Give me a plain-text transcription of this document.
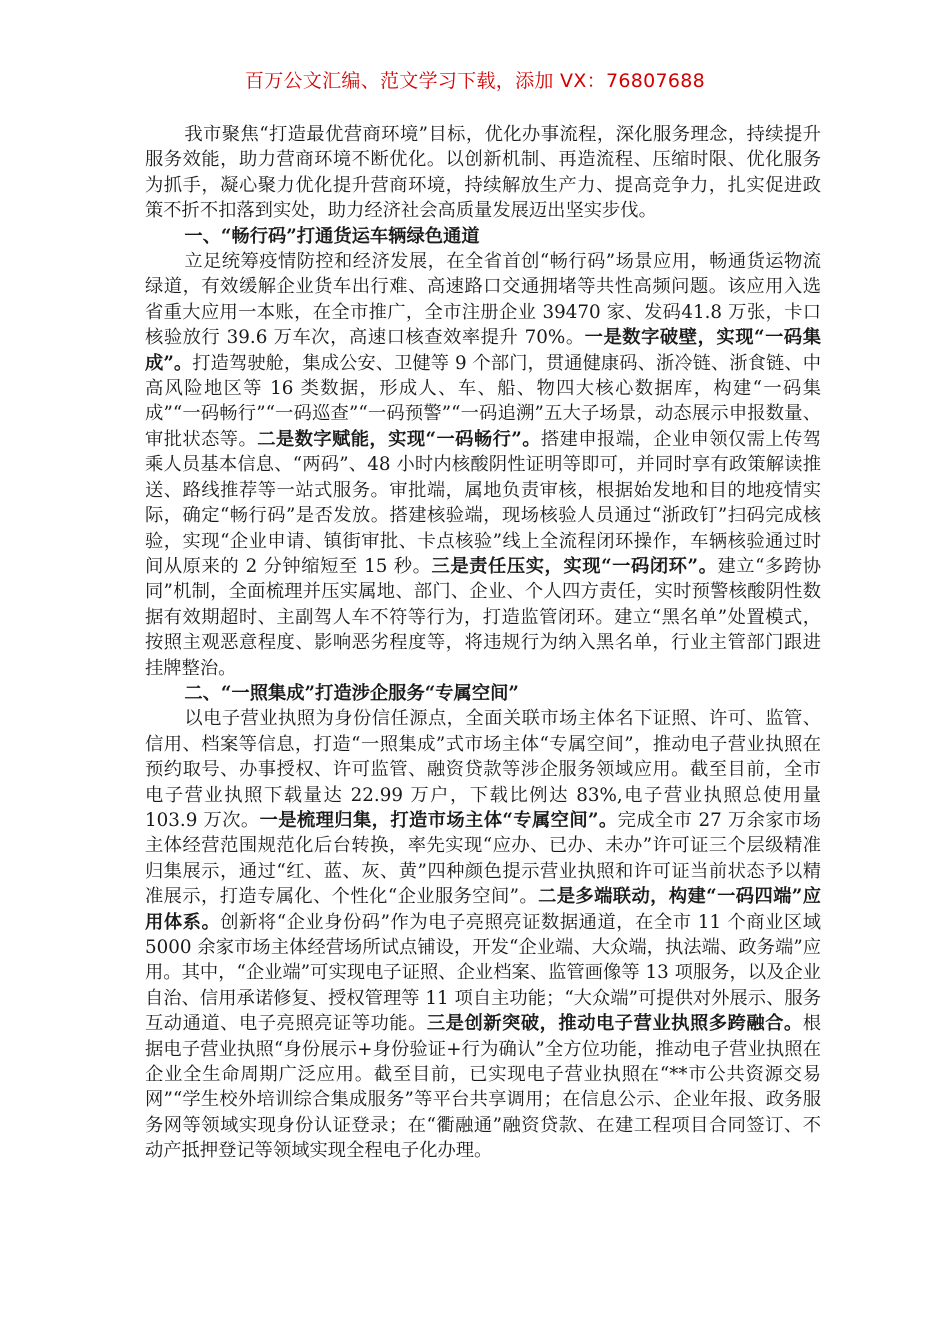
百万公文汇编、范文学习下载，添加 VX：76807688

我市聚焦“打造最优营商环境”目标，优化办事流程，深化服务理念，持续提升服务效能，助力营商环境不断优化。以创新机制、再造流程、压缩时限、优化服务为抓手，凝心聚力优化提升营商环境，持续解放生产力、提高竞争力，扎实促进政策不折不扣落到实处，助力经济社会高质量发展迈出坚实步伐。

一、“畅行码”打通货运车辆绿色通道

立足统筹疫情防控和经济发展，在全省首创“畅行码”场景应用，畅通货运物流绿道，有效缓解企业货车出行难、高速路口交通拥堵等共性高频问题。该应用入选省重大应用一本账，在全市推广，全市注册企业 39470 家、发码41.8 万张，卡口核验放行 39.6 万车次，高速口核查效率提升 70%。一是数字破壁，实现“一码集成”。打造驾驶舱，集成公安、卫健等 9 个部门，贯通健康码、浙冷链、浙食链、中高风险地区等 16 类数据，形成人、车、船、物四大核心数据库，构建“一码集成”“一码畅行”“一码巡查”“一码预警”“一码追溯”五大子场景，动态展示申报数量、审批状态等。二是数字赋能，实现“一码畅行”。搭建申报端，企业申领仅需上传驾乘人员基本信息、“两码”、48 小时内核酸阴性证明等即可，并同时享有政策解读推送、路线推荐等一站式服务。审批端，属地负责审核，根据始发地和目的地疫情实际，确定“畅行码”是否发放。搭建核验端，现场核验人员通过“浙政钉”扫码完成核验，实现“企业申请、镇街审批、卡点核验”线上全流程闭环操作，车辆核验通过时间从原来的 2 分钟缩短至 15 秒。三是责任压实，实现“一码闭环”。建立“多跨协同”机制，全面梳理并压实属地、部门、企业、个人四方责任，实时预警核酸阴性数据有效期超时、主副驾人车不符等行为，打造监管闭环。建立“黑名单”处置模式，按照主观恶意程度、影响恶劣程度等，将违规行为纳入黑名单，行业主管部门跟进挂牌整治。

二、“一照集成”打造涉企服务“专属空间”

以电子营业执照为身份信任源点，全面关联市场主体名下证照、许可、监管、信用、档案等信息，打造“一照集成”式市场主体“专属空间”，推动电子营业执照在预约取号、办事授权、许可监管、融资贷款等涉企服务领域应用。截至目前，全市电子营业执照下载量达 22.99 万户，下载比例达 83%,电子营业执照总使用量 103.9 万次。一是梳理归集，打造市场主体“专属空间”。完成全市 27 万余家市场主体经营范围规范化后台转换，率先实现“应办、已办、未办”许可证三个层级精准归集展示，通过“红、蓝、灰、黄”四种颜色提示营业执照和许可证当前状态予以精准展示，打造专属化、个性化“企业服务空间”。二是多端联动，构建“一码四端”应用体系。创新将“企业身份码”作为电子亮照亮证数据通道，在全市 11 个商业区域 5000 余家市场主体经营场所试点铺设，开发“企业端、大众端，执法端、政务端”应用。其中，“企业端”可实现电子证照、企业档案、监管画像等 13 项服务，以及企业自治、信用承诺修复、授权管理等 11 项自主功能；“大众端”可提供对外展示、服务互动通道、电子亮照亮证等功能。三是创新突破，推动电子营业执照多跨融合。根据电子营业执照“身份展示+身份验证+行为确认”全方位功能，推动电子营业执照在企业全生命周期广泛应用。截至目前，已实现电子营业执照在“**市公共资源交易网”“学生校外培训综合集成服务”等平台共享调用；在信息公示、企业年报、政务服务网等领域实现身份认证登录；在“衢融通”融资贷款、在建工程项目合同签订、不动产抵押登记等领域实现全程电子化办理。
